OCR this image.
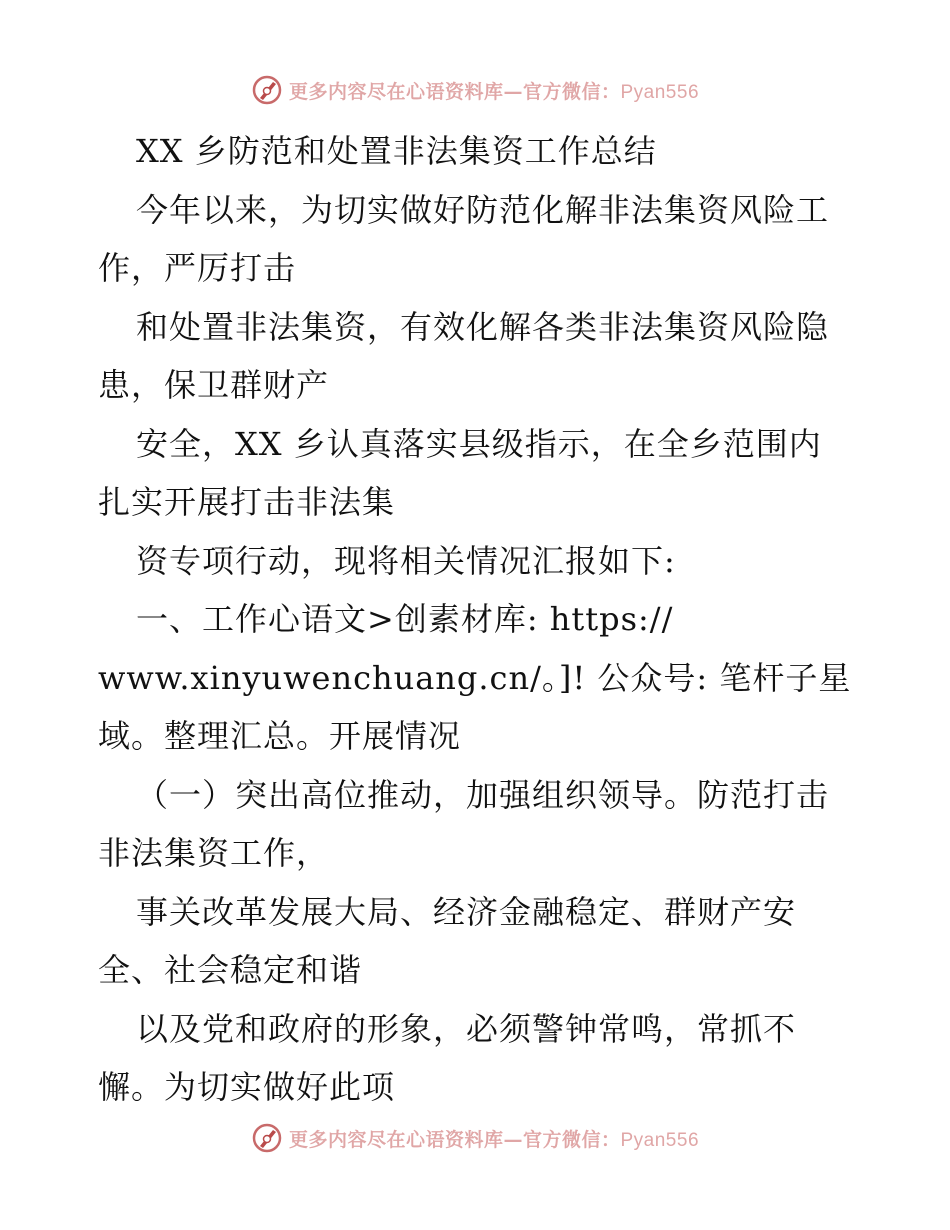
更多内容尽在心语资料库—官方微信：Pyan556
XX 乡防范和处置非法集资工作总结
今年以来，为切实做好防范化解非法集资风险工
作，严厉打击
和处置非法集资，有效化解各类非法集资风险隐
患，保卫群财产
安全，XX 乡认真落实县级指示，在全乡范围内
扎实开展打击非法集
资专项行动，现将相关情况汇报如下:
一、工作心语文>创素材库: https://
www.xinyuwenchuang.cn/。]! 公众号: 笔杆子星
域。整理汇总。开展情况
（一）突出高位推动，加强组织领导。防范打击
非法集资工作，
事关改革发展大局、经济金融稳定、群财产安
全、社会稳定和谐
以及党和政府的形象，必须警钟常鸣，常抓不
懈。为切实做好此项
更多内容尽在心语资料库—官方微信：Pyan556
